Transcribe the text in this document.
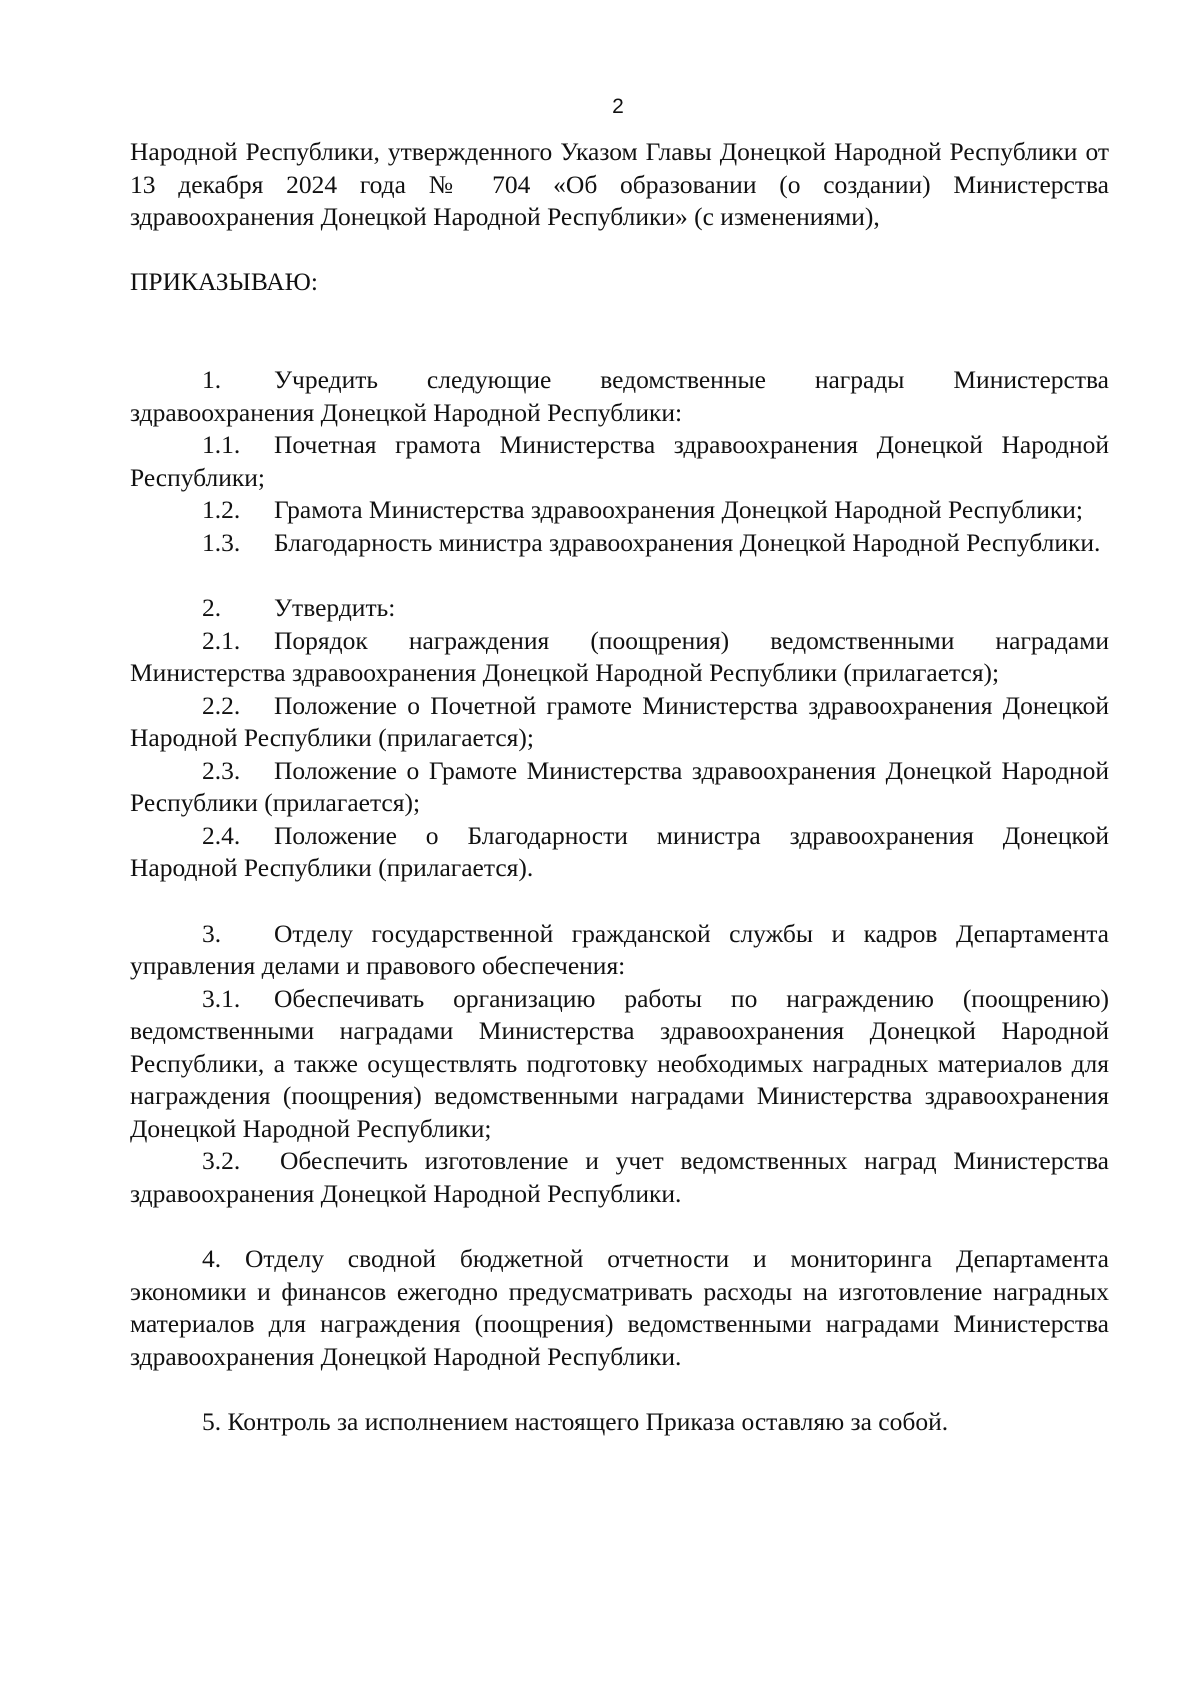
2

Народной Республики, утвержденного Указом Главы Донецкой Народной Республики от 13 декабря 2024 года № 704 «Об образовании (о создании) Министерства здравоохранения Донецкой Народной Республики» (с изменениями),

ПРИКАЗЫВАЮ:

1. Учредить следующие ведомственные награды Министерства здравоохранения Донецкой Народной Республики:

1.1. Почетная грамота Министерства здравоохранения Донецкой Народной Республики;

1.2. Грамота Министерства здравоохранения Донецкой Народной Республики;

1.3. Благодарность министра здравоохранения Донецкой Народной Республики.

2. Утвердить:

2.1. Порядок награждения (поощрения) ведомственными наградами Министерства здравоохранения Донецкой Народной Республики (прилагается);

2.2. Положение о Почетной грамоте Министерства здравоохранения Донецкой Народной Республики (прилагается);

2.3. Положение о Грамоте Министерства здравоохранения Донецкой Народной Республики (прилагается);

2.4. Положение о Благодарности министра здравоохранения Донецкой Народной Республики (прилагается).

3. Отделу государственной гражданской службы и кадров Департамента управления делами и правового обеспечения:

3.1. Обеспечивать организацию работы по награждению (поощрению) ведомственными наградами Министерства здравоохранения Донецкой Народной Республики, а также осуществлять подготовку необходимых наградных материалов для награждения (поощрения) ведомственными наградами Министерства здравоохранения Донецкой Народной Республики;

3.2. Обеспечить изготовление и учет ведомственных наград Министерства здравоохранения Донецкой Народной Республики.

4. Отделу сводной бюджетной отчетности и мониторинга Департамента экономики и финансов ежегодно предусматривать расходы на изготовление наградных материалов для награждения (поощрения) ведомственными наградами Министерства здравоохранения Донецкой Народной Республики.

5. Контроль за исполнением настоящего Приказа оставляю за собой.
